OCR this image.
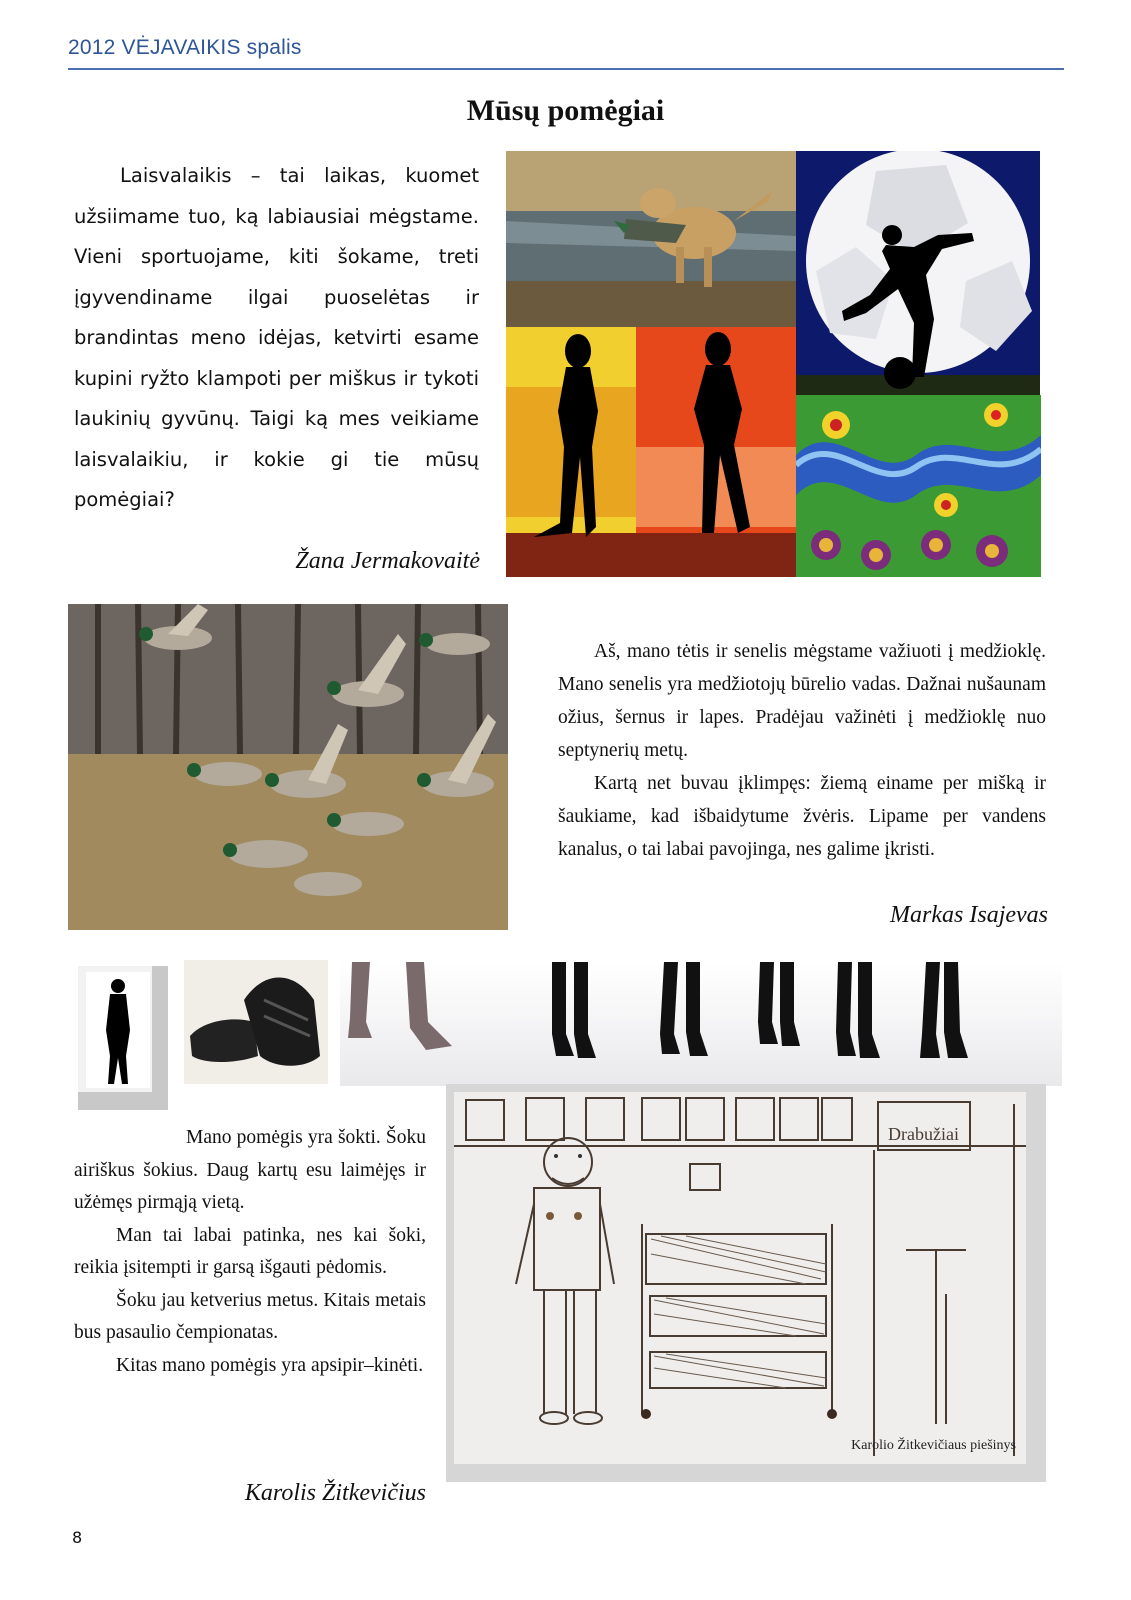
2012 VĖJAVAIKIS spalis
Mūsų pomėgiai

Laisvalaikis – tai laikas, kuomet užsiimame tuo, ką labiausiai mėgstame. Vieni sportuojame, kiti šokame, treti įgyvendiname ilgai puoselėtas ir brandintas meno idėjas, ketvirti esame kupini ryžto klampoti per miškus ir tykoti laukinių gyvūnų. Taigi ką mes veikiame laisvalaikiu, ir kokie gi tie mūsų pomėgiai?

Žana Jermakovaitė

Aš, mano tėtis ir senelis mėgstame važiuoti į medžioklę. Mano senelis yra medžiotojų būrelio vadas. Dažnai nušaunam ožius, šernus ir lapes. Pradėjau važinėti į medžioklę nuo septynerių metų.

Kartą net buvau įklimpęs: žiemą einame per mišką ir šaukiame, kad išbaidytume žvėris. Lipame per vandens kanalus, o tai labai pavojinga, nes galime įkristi.

Markas Isajevas

Mano pomėgis yra šokti. Šoku airiškus šokius. Daug kartų esu laimėjęs ir užėmęs pirmąją vietą.

Man tai labai patinka, nes kai šoki, reikia įsitempti ir garsą išgauti pėdomis.

Šoku jau ketverius metus. Kitais metais bus pasaulio čempionatas.

Kitas mano pomėgis yra apsipir–kinėti.

Karolis Žitkevičius
Drabužiai
Karolio Žitkevičiaus piešinys
8
